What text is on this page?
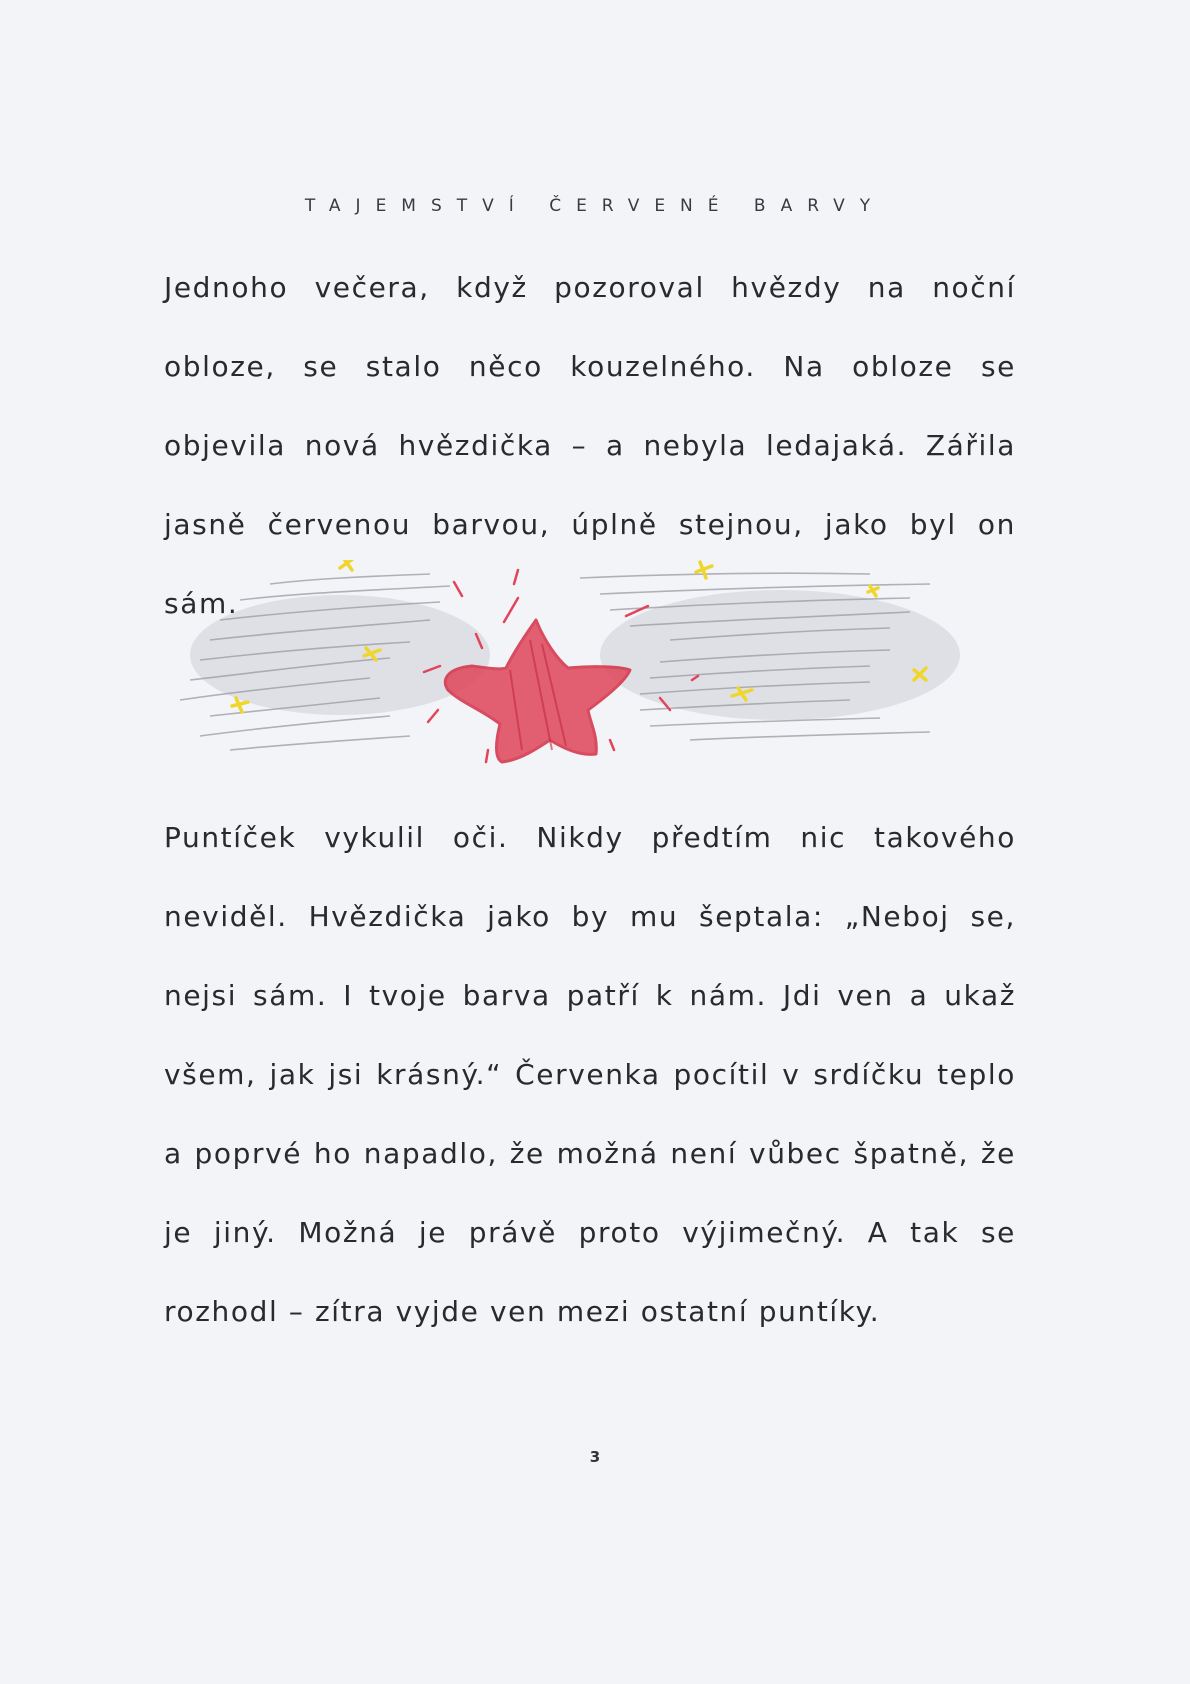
TAJEMSTVÍ ČERVENÉ BARVY

Jednoho večera, když pozoroval hvězdy na noční obloze, se stalo něco kouzelného. Na obloze se objevila nová hvězdička – a nebyla ledajaká. Zářila jasně červenou barvou, úplně stejnou, jako byl on sám.

Puntíček vykulil oči. Nikdy předtím nic takového neviděl. Hvězdička jako by mu šeptala: „Neboj se, nejsi sám. I tvoje barva patří k nám. Jdi ven a ukaž všem, jak jsi krásný.“ Červenka pocítil v srdíčku teplo a poprvé ho napadlo, že možná není vůbec špatně, že je jiný. Možná je právě proto výjimečný. A tak se rozhodl – zítra vyjde ven mezi ostatní puntíky.

3
